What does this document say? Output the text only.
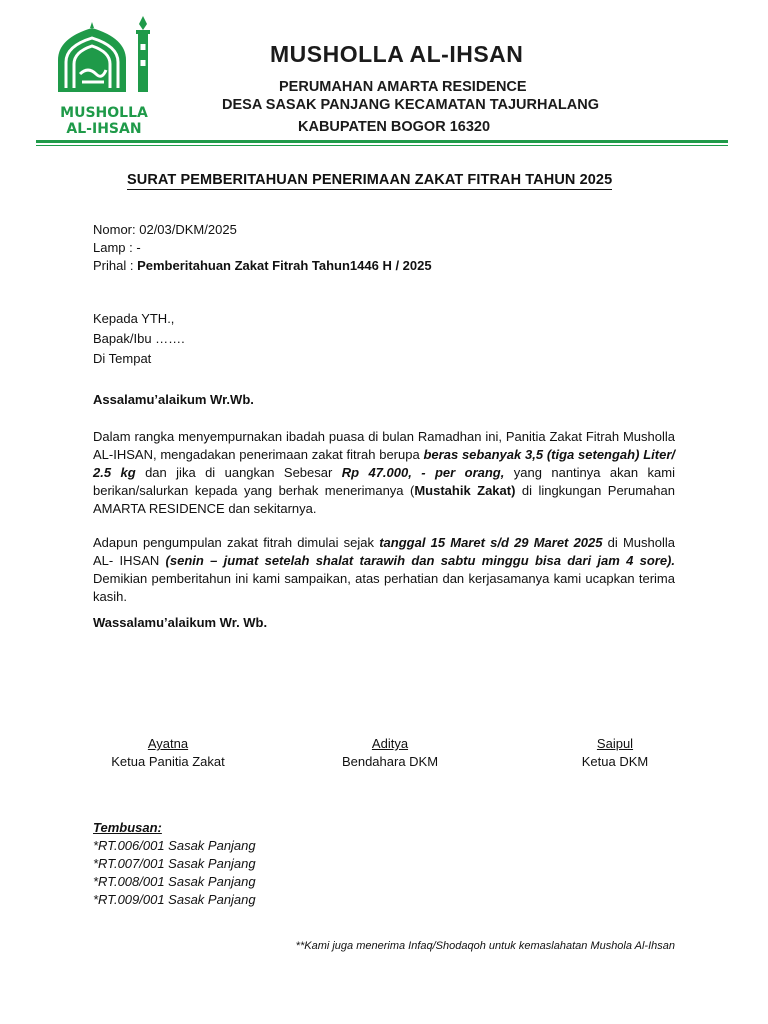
MUSHOLLA
AL-IHSAN
MUSHOLLA AL-IHSAN
PERUMAHAN AMARTA RESIDENCE
DESA SASAK PANJANG KECAMATAN TAJURHALANG
KABUPATEN BOGOR 16320
SURAT PEMBERITAHUAN PENERIMAAN ZAKAT FITRAH TAHUN 2025
Nomor: 02/03/DKM/2025
Lamp : -
Prihal : Pemberitahuan Zakat Fitrah Tahun1446 H / 2025
Kepada YTH.,
Bapak/Ibu …….
Di Tempat
Assalamu’alaikum Wr.Wb.
Dalam rangka menyempurnakan ibadah puasa di bulan Ramadhan ini, Panitia Zakat Fitrah Musholla AL-IHSAN, mengadakan penerimaan zakat fitrah berupa beras sebanyak 3,5 (tiga setengah) Liter/ 2.5 kg dan jika di uangkan Sebesar Rp 47.000, - per orang, yang nantinya akan kami berikan/salurkan kepada yang berhak menerimanya (Mustahik Zakat) di lingkungan Perumahan AMARTA RESIDENCE dan sekitarnya.
Adapun pengumpulan zakat fitrah dimulai sejak tanggal 15 Maret s/d 29 Maret 2025 di Musholla AL- IHSAN (senin – jumat setelah shalat tarawih dan sabtu minggu bisa dari jam 4 sore). Demikian pemberitahun ini kami sampaikan, atas perhatian dan kerjasamanya kami ucapkan terima kasih.
Wassalamu’alaikum Wr. Wb.
Ayatna
Ketua Panitia Zakat
Aditya
Bendahara DKM
Saipul
Ketua DKM
Tembusan:
*RT.006/001 Sasak Panjang
*RT.007/001 Sasak Panjang
*RT.008/001 Sasak Panjang
*RT.009/001 Sasak Panjang
**Kami juga menerima Infaq/Shodaqoh untuk kemaslahatan Mushola Al-Ihsan
